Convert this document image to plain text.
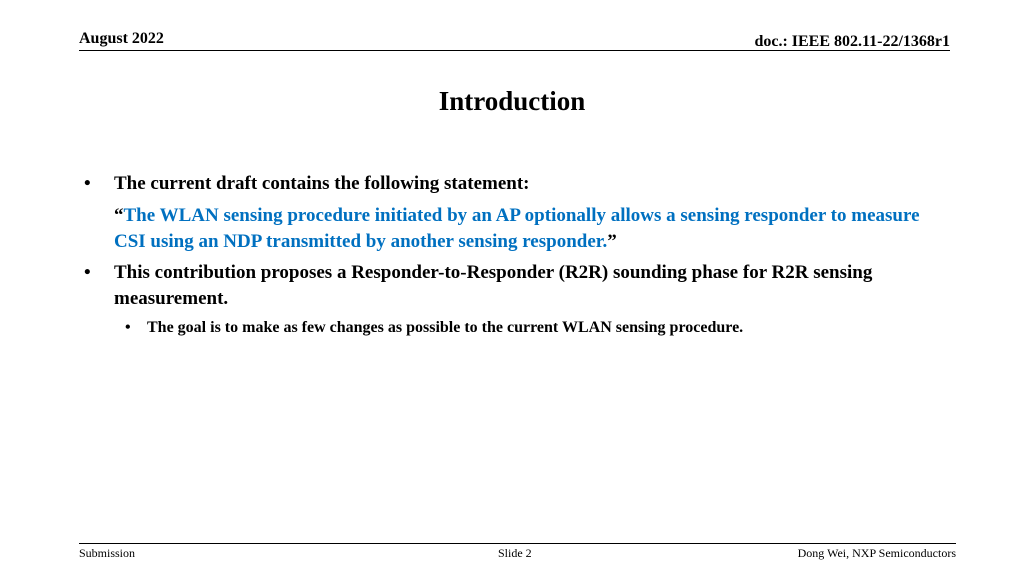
August 2022	doc.: IEEE 802.11-22/1368r1
Introduction
• The current draft contains the following statement:
“The WLAN sensing procedure initiated by an AP optionally allows a sensing responder to measure CSI using an NDP transmitted by another sensing responder.”
• This contribution proposes a Responder-to-Responder (R2R) sounding phase for R2R sensing measurement.
• The goal is to make as few changes as possible to the current WLAN sensing procedure.
Submission	Slide 2	Dong Wei, NXP Semiconductors
